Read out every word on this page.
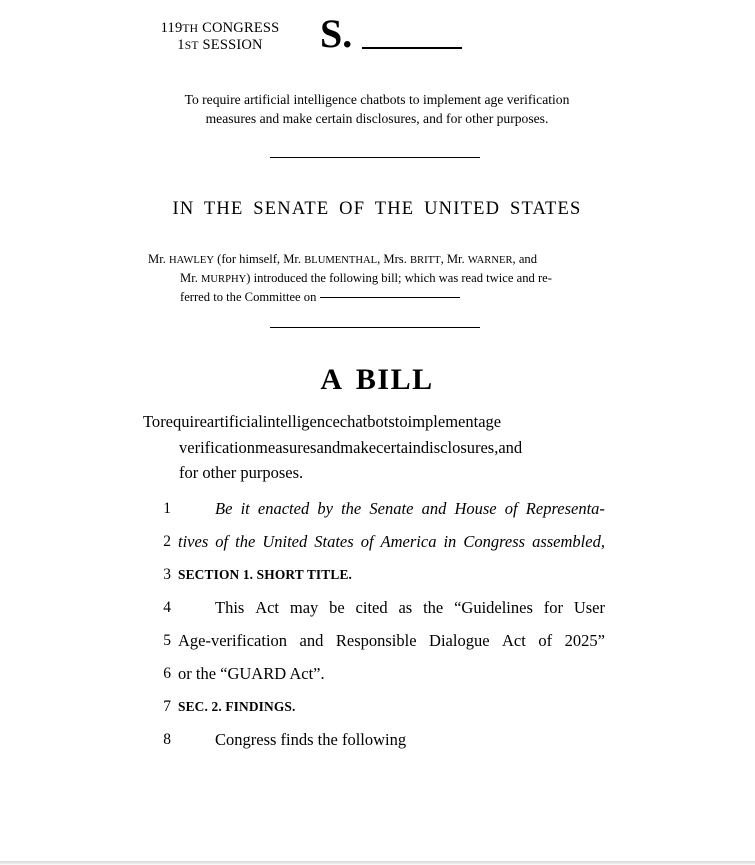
119TH CONGRESS
1ST SESSION	S.
To require artificial intelligence chatbots to implement age verification
measures and make certain disclosures, and for other purposes.
IN THE SENATE OF THE UNITED STATES
Mr. HAWLEY (for himself, Mr. BLUMENTHAL, Mrs. BRITT, Mr. WARNER, and
Mr. MURPHY) introduced the following bill; which was read twice and re-
ferred to the Committee on
A BILL
Torequireartificialintelligencechatbotstoimplementage
verificationmeasuresandmakecertaindisclosures,and
for other purposes.
1	Be it enacted by the Senate and House of Representa-
2 tives of the United States of America in Congress assembled,
3 SECTION 1. SHORT TITLE.
4	This Act may be cited as the “Guidelines for User
5 Age-verification and Responsible Dialogue Act of 2025”
6 or the “GUARD Act”.
7 SEC. 2. FINDINGS.
8	Congress finds the following
